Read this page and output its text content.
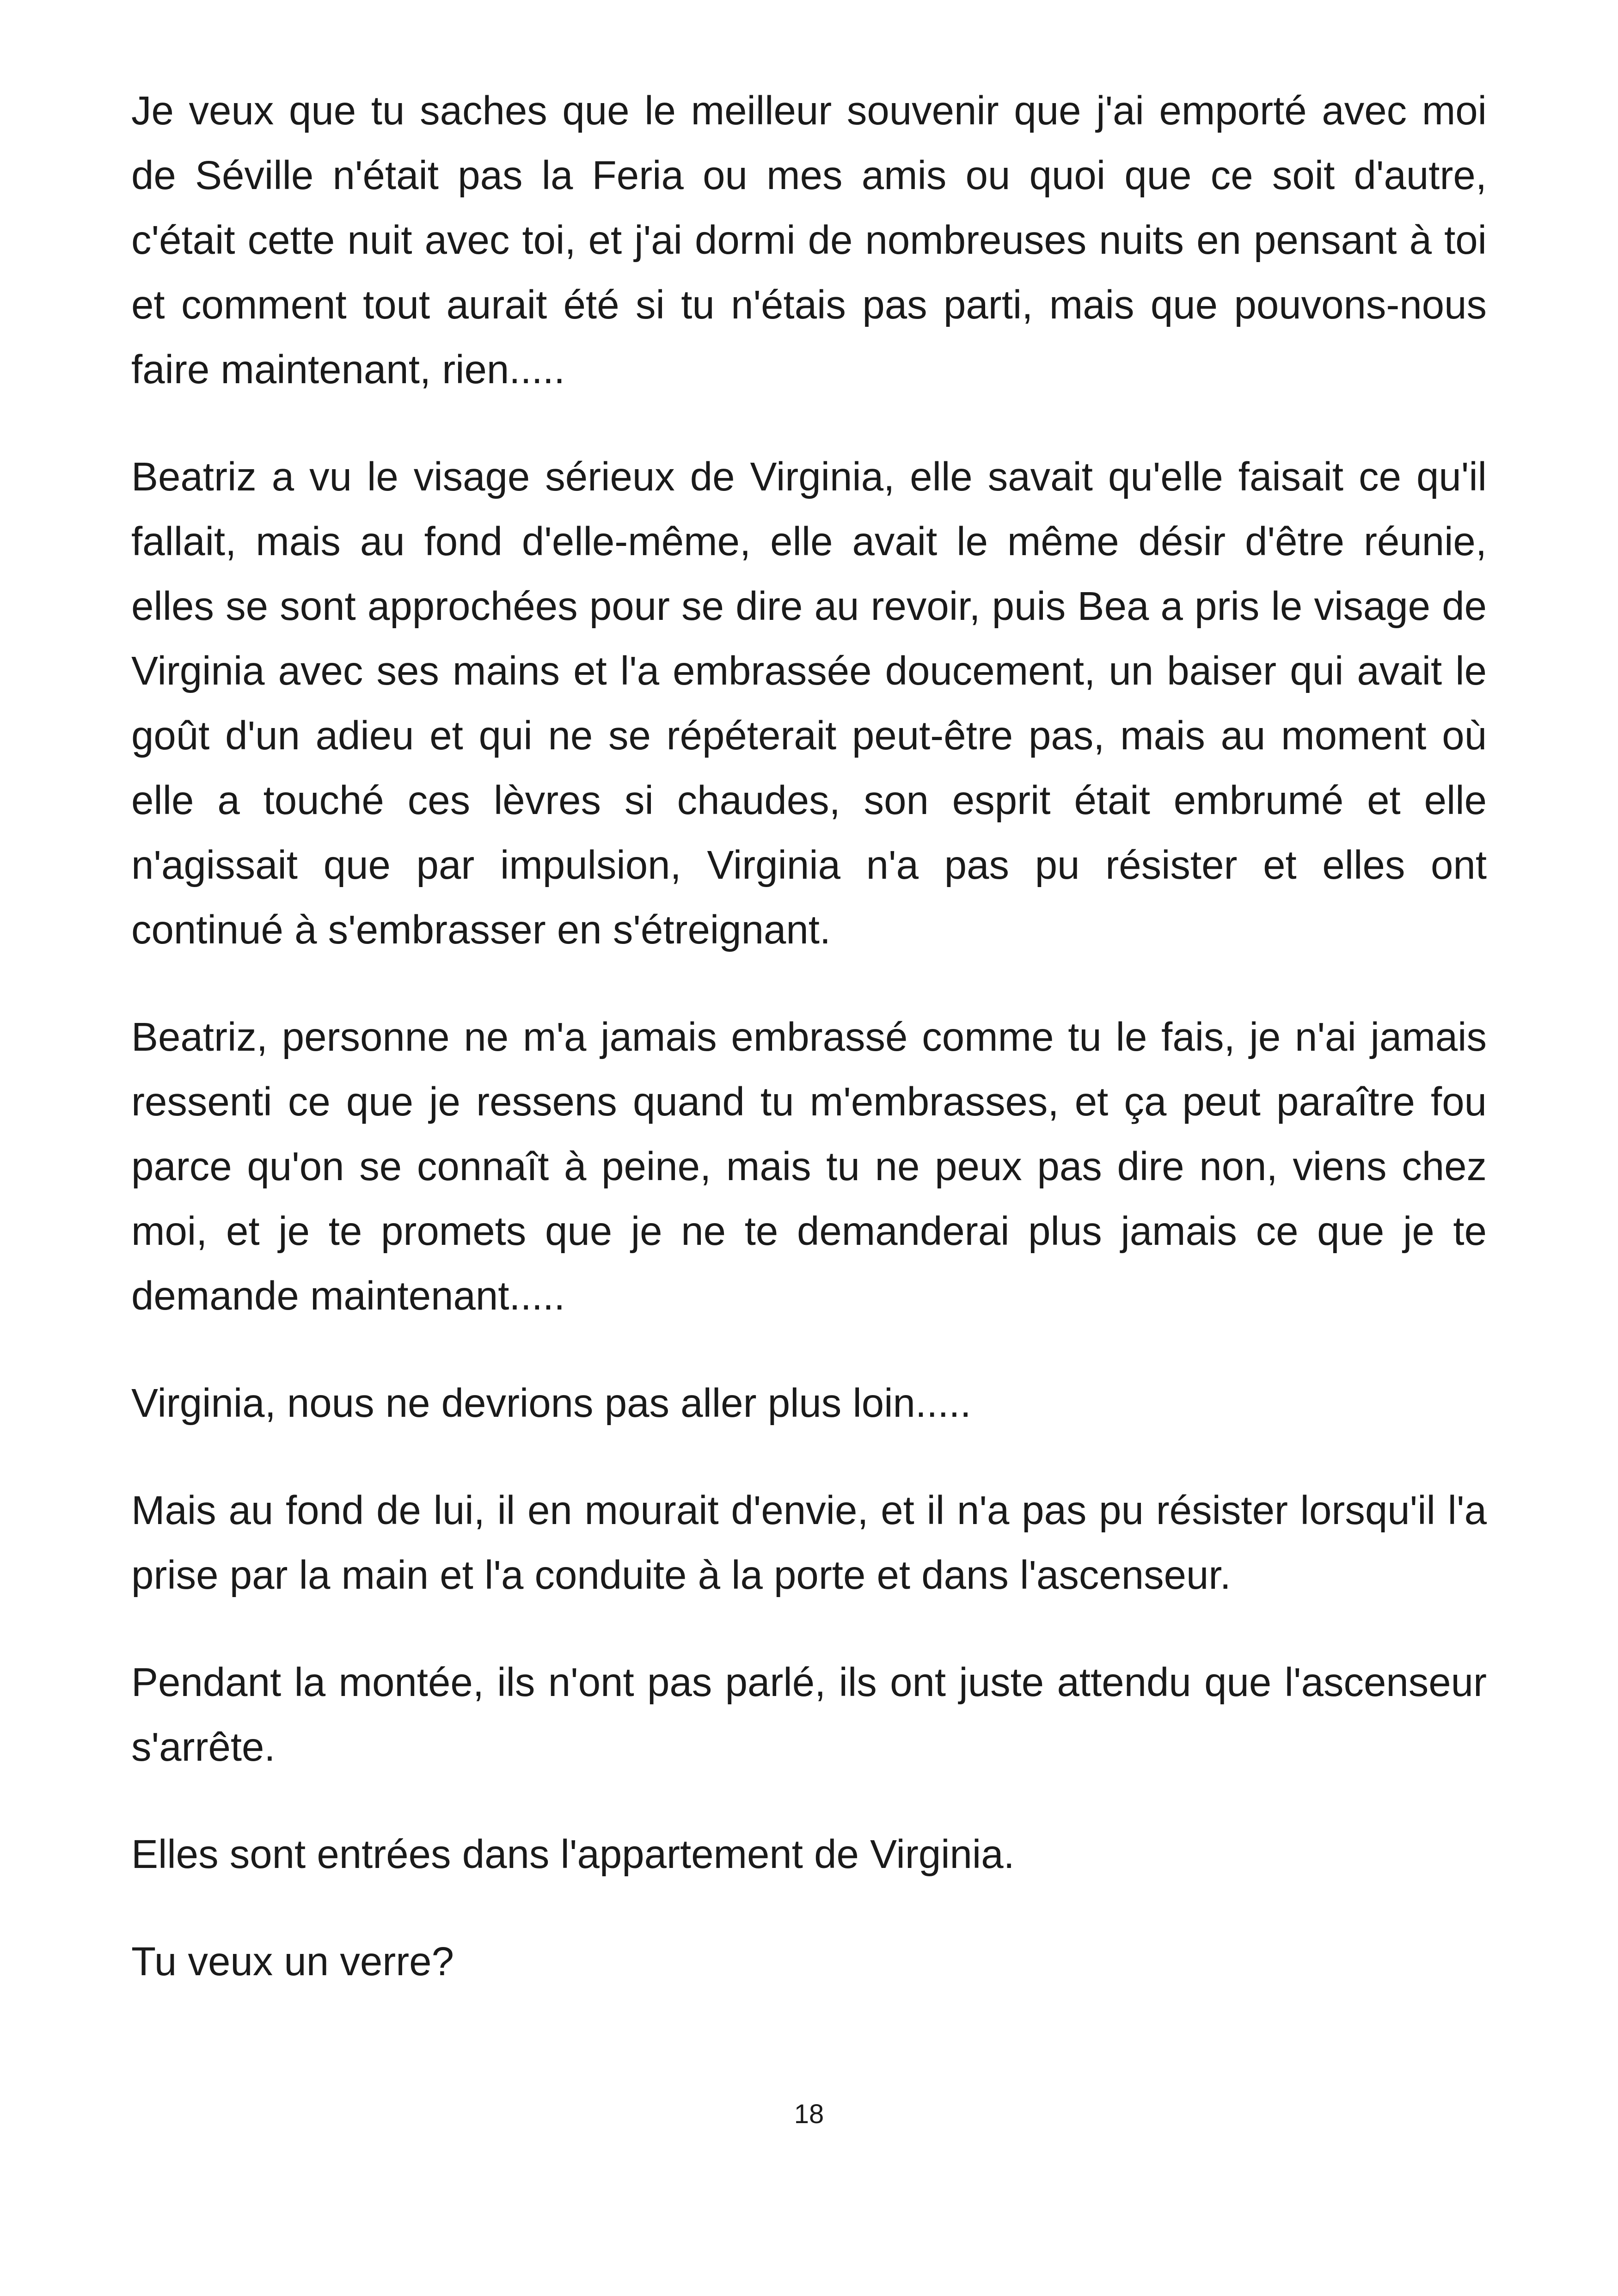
Je veux que tu saches que le meilleur souvenir que j'ai emporté avec moi de Séville n'était pas la Feria ou mes amis ou quoi que ce soit d'autre, c'était cette nuit avec toi, et j'ai dormi de nombreuses nuits en pensant à toi et comment tout aurait été si tu n'étais pas parti, mais que pouvons-nous faire maintenant, rien.....

Beatriz a vu le visage sérieux de Virginia, elle savait qu'elle faisait ce qu'il fallait, mais au fond d'elle-même, elle avait le même désir d'être réunie, elles se sont approchées pour se dire au revoir, puis Bea a pris le visage de Virginia avec ses mains et l'a embrassée doucement, un baiser qui avait le goût d'un adieu et qui ne se répéterait peut-être pas, mais au moment où elle a touché ces lèvres si chaudes, son esprit était embrumé et elle n'agissait que par impulsion, Virginia n'a pas pu résister et elles ont continué à s'embrasser en s'étreignant.

Beatriz, personne ne m'a jamais embrassé comme tu le fais, je n'ai jamais ressenti ce que je ressens quand tu m'embrasses, et ça peut paraître fou parce qu'on se connaît à peine, mais tu ne peux pas dire non, viens chez moi, et je te promets que je ne te demanderai plus jamais ce que je te demande maintenant.....

Virginia, nous ne devrions pas aller plus loin.....

Mais au fond de lui, il en mourait d'envie, et il n'a pas pu résister lorsqu'il l'a prise par la main et l'a conduite à la porte et dans l'ascenseur.

Pendant la montée, ils n'ont pas parlé, ils ont juste attendu que l'ascenseur s'arrête.

Elles sont entrées dans l'appartement de Virginia.

Tu veux un verre?

18
